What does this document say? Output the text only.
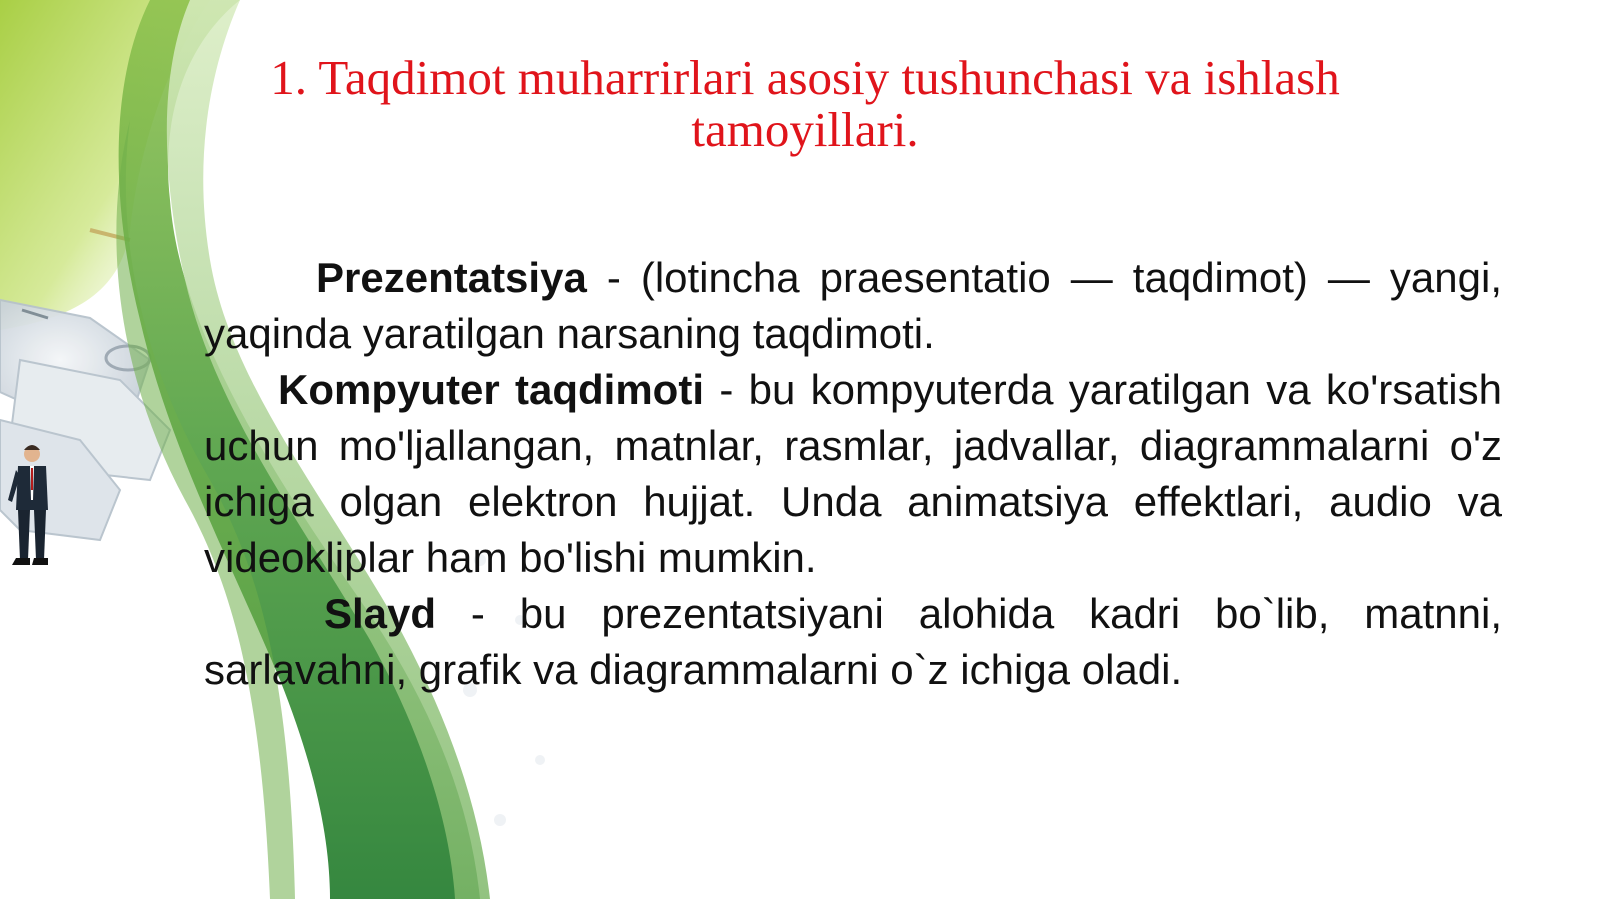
1. Taqdimot muharrirlari asosiy tushunchasi va ishlash tamoyillari.

Prezentatsiya - (lotincha praesentatio — taqdimot) — yangi, yaqinda yaratilgan narsaning taqdimoti.

Kompyuter taqdimoti - bu kompyuterda yaratilgan va ko'rsatish uchun mo'ljallangan, matnlar, rasmlar, jadvallar, diagrammalarni o'z ichiga olgan elektron hujjat. Unda animatsiya effektlari, audio va videokliplar ham bo'lishi mumkin.

Slayd - bu prezentatsiyani alohida kadri bo`lib, matnni, sarlavahni, grafik va diagrammalarni o`z ichiga oladi.
